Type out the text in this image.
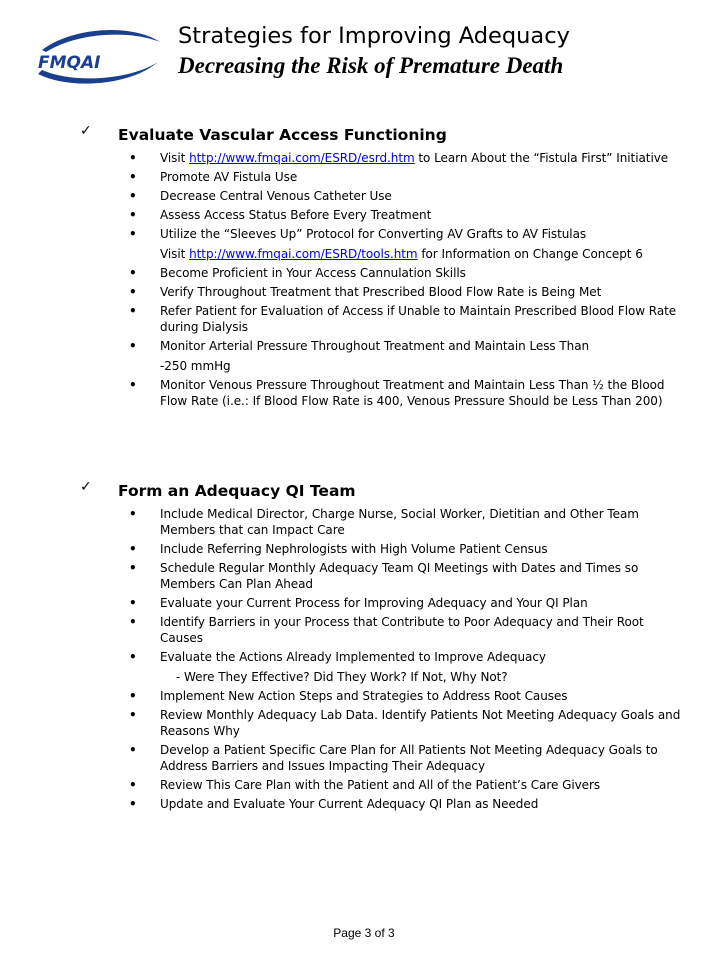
FMQAI
Strategies for Improving Adequacy
Decreasing the Risk of Premature Death
✓	Evaluate Vascular Access Functioning
• Visit http://www.fmqai.com/ESRD/esrd.htm to Learn About the “Fistula First” Initiative
• Promote AV Fistula Use
• Decrease Central Venous Catheter Use
• Assess Access Status Before Every Treatment
• Utilize the “Sleeves Up” Protocol for Converting AV Grafts to AV Fistulas
Visit http://www.fmqai.com/ESRD/tools.htm for Information on Change Concept 6
• Become Proficient in Your Access Cannulation Skills
• Verify Throughout Treatment that Prescribed Blood Flow Rate is Being Met
• Refer Patient for Evaluation of Access if Unable to Maintain Prescribed Blood Flow Rate during Dialysis
• Monitor Arterial Pressure Throughout Treatment and Maintain Less Than
-250 mmHg
• Monitor Venous Pressure Throughout Treatment and Maintain Less Than ½ the Blood Flow Rate (i.e.: If Blood Flow Rate is 400, Venous Pressure Should be Less Than 200)
✓	Form an Adequacy QI Team
• Include Medical Director, Charge Nurse, Social Worker, Dietitian and Other Team Members that can Impact Care
• Include Referring Nephrologists with High Volume Patient Census
• Schedule Regular Monthly Adequacy Team QI Meetings with Dates and Times so Members Can Plan Ahead
• Evaluate your Current Process for Improving Adequacy and Your QI Plan
• Identify Barriers in your Process that Contribute to Poor Adequacy and Their Root Causes
• Evaluate the Actions Already Implemented to Improve Adequacy
- Were They Effective? Did They Work? If Not, Why Not?
• Implement New Action Steps and Strategies to Address Root Causes
• Review Monthly Adequacy Lab Data. Identify Patients Not Meeting Adequacy Goals and Reasons Why
• Develop a Patient Specific Care Plan for All Patients Not Meeting Adequacy Goals to Address Barriers and Issues Impacting Their Adequacy
• Review This Care Plan with the Patient and All of the Patient’s Care Givers
• Update and Evaluate Your Current Adequacy QI Plan as Needed
Page 3 of 3
